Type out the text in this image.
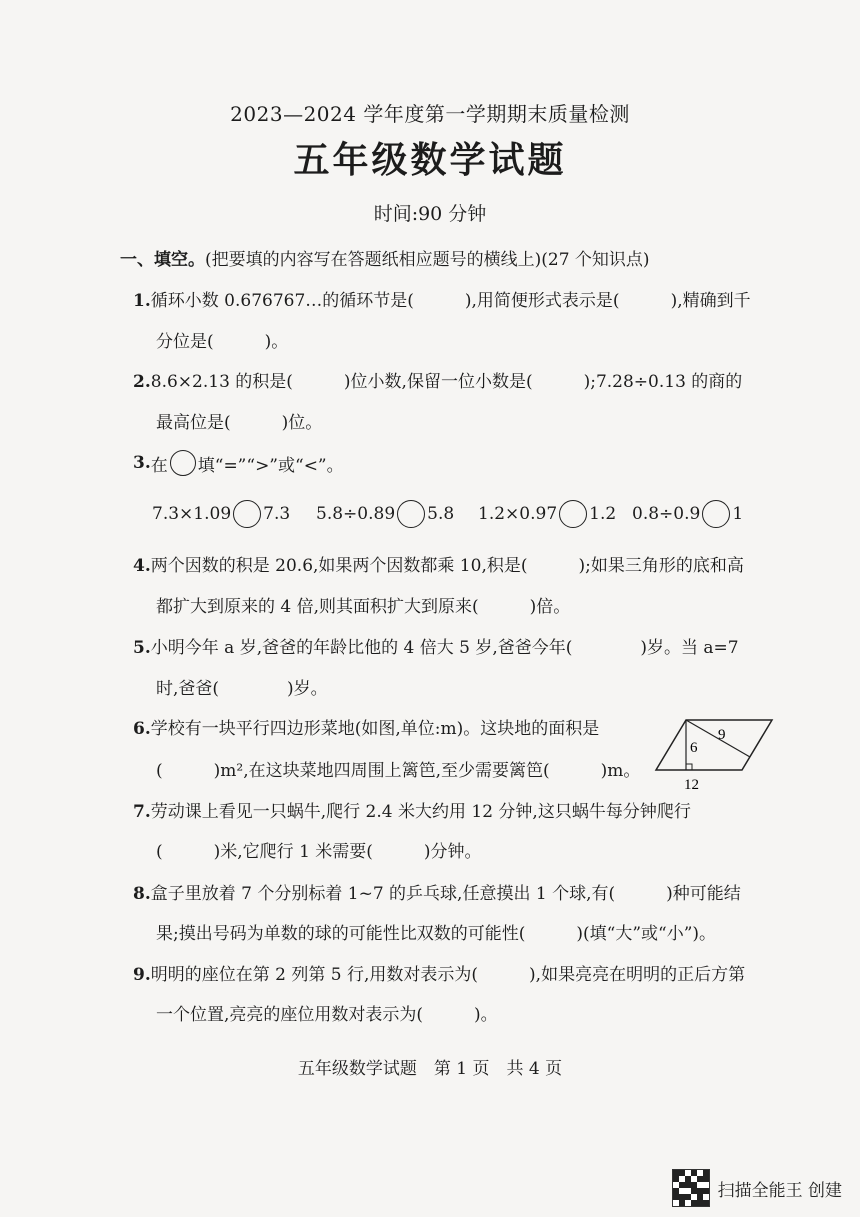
2023—2024 学年度第一学期期末质量检测
五年级数学试题
时间:90 分钟
一、填空。(把要填的内容写在答题纸相应题号的横线上)(27 个知识点)
1.循环小数 0.676767…的循环节是(　　　),用简便形式表示是(　　　),精确到千
分位是(　　　)。
2.8.6×2.13 的积是(　　　)位小数,保留一位小数是(　　　);7.28÷0.13 的商的
最高位是(　　　)位。
3. 在 填“=”“>”或“<”。
7.3×1.09 7.3 5.8÷0.89 5.8 1.2×0.97 1.2 0.8÷0.9 1
4.两个因数的积是 20.6,如果两个因数都乘 10,积是(　　　);如果三角形的底和高
都扩大到原来的 4 倍,则其面积扩大到原来(　　　)倍。
5.小明今年 a 岁,爸爸的年龄比他的 4 倍大 5 岁,爸爸今年(　　　　)岁。当 a=7
时,爸爸(　　　　)岁。
6.学校有一块平行四边形菜地(如图,单位:m)。这块地的面积是
(　　　)m²,在这块菜地四周围上篱笆,至少需要篱笆(　　　)m。
6
9
12
7.劳动课上看见一只蜗牛,爬行 2.4 米大约用 12 分钟,这只蜗牛每分钟爬行
(　　　)米,它爬行 1 米需要(　　　)分钟。
8.盒子里放着 7 个分别标着 1~7 的乒乓球,任意摸出 1 个球,有(　　　)种可能结
果;摸出号码为单数的球的可能性比双数的可能性(　　　)(填“大”或“小”)。
9.明明的座位在第 2 列第 5 行,用数对表示为(　　　),如果亮亮在明明的正后方第
一个位置,亮亮的座位用数对表示为(　　　)。
五年级数学试题　第 1 页　共 4 页
扫描全能王 创建
